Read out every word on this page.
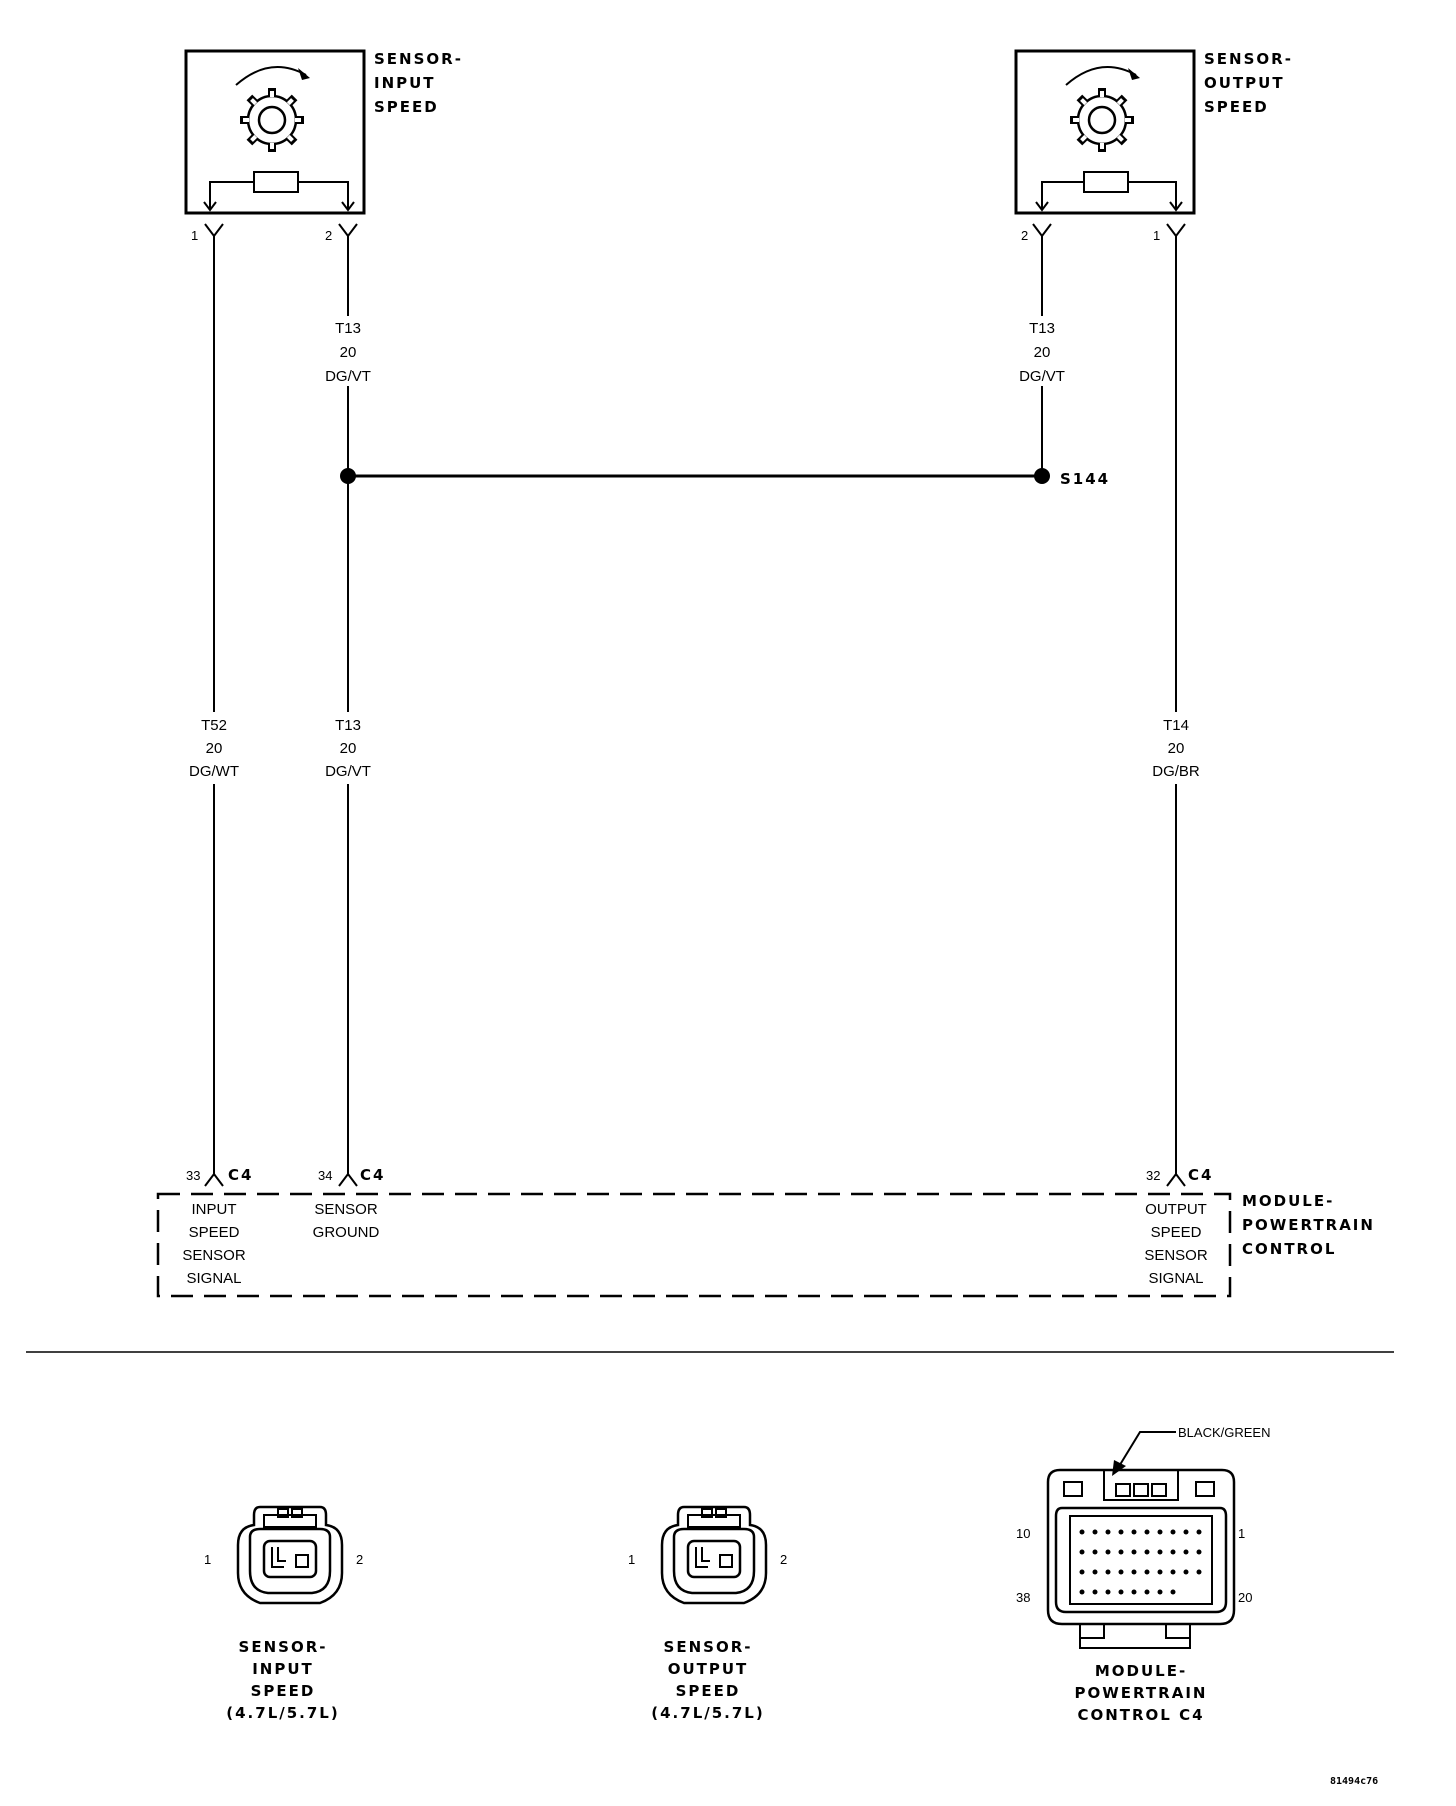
SENSOR-
INPUT
SPEED
1	2
SENSOR-
OUTPUT
SPEED
2	1
S144
T13
20
DG/VT
T13
20
DG/VT
T52
20
DG/WT
T13
20
DG/VT
T14
20
DG/BR
33 C4	34 C4	32 C4
INPUT
SPEED
SENSOR
SIGNAL
SENSOR
GROUND
OUTPUT
SPEED
SENSOR
SIGNAL
MODULE-
POWERTRAIN
CONTROL
1	2
SENSOR-
INPUT
SPEED
(4.7L/5.7L)
1	2
SENSOR-
OUTPUT
SPEED
(4.7L/5.7L)
BLACK/GREEN
10	1
38	20
MODULE-
POWERTRAIN
CONTROL C4
81494c76
